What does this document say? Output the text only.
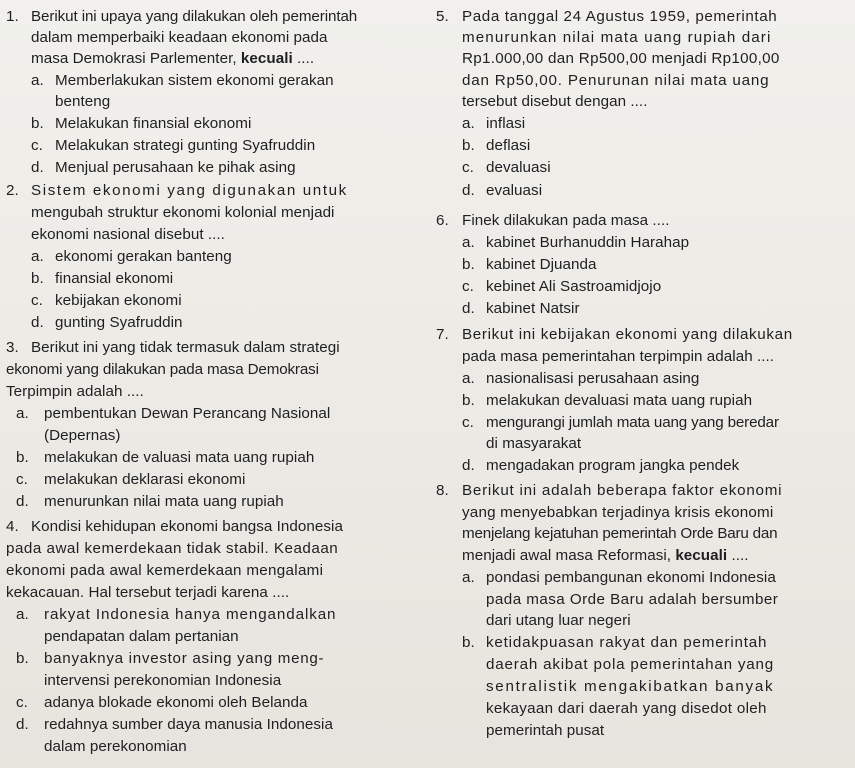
1. Berikut ini upaya yang dilakukan oleh pemerintah
dalam memperbaiki keadaan ekonomi pada
masa Demokrasi Parlementer, kecuali ....
a. Memberlakukan sistem ekonomi gerakan
benteng
b. Melakukan finansial ekonomi
c. Melakukan strategi gunting Syafruddin
d. Menjual perusahaan ke pihak asing
2. Sistem ekonomi yang digunakan untuk
mengubah struktur ekonomi kolonial menjadi
ekonomi nasional disebut ....
a. ekonomi gerakan banteng
b. finansial ekonomi
c. kebijakan ekonomi
d. gunting Syafruddin
3. Berikut ini yang tidak termasuk dalam strategi
ekonomi yang dilakukan pada masa Demokrasi
Terpimpin adalah ....
a. pembentukan Dewan Perancang Nasional
(Depernas)
b. melakukan de valuasi mata uang rupiah
c. melakukan deklarasi ekonomi
d. menurunkan nilai mata uang rupiah
4. Kondisi kehidupan ekonomi bangsa Indonesia
pada awal kemerdekaan tidak stabil. Keadaan
ekonomi pada awal kemerdekaan mengalami
kekacauan. Hal tersebut terjadi karena ....
a. rakyat Indonesia hanya mengandalkan
pendapatan dalam pertanian
b. banyaknya investor asing yang meng-
intervensi perekonomian Indonesia
c. adanya blokade ekonomi oleh Belanda
d. redahnya sumber daya manusia Indonesia
dalam perekonomian
5. Pada tanggal 24 Agustus 1959, pemerintah
menurunkan nilai mata uang rupiah dari
Rp1.000,00 dan Rp500,00 menjadi Rp100,00
dan Rp50,00. Penurunan nilai mata uang
tersebut disebut dengan ....
a. inflasi
b. deflasi
c. devaluasi
d. evaluasi
6. Finek dilakukan pada masa ....
a. kabinet Burhanuddin Harahap
b. kabinet Djuanda
c. kebinet Ali Sastroamidjojo
d. kabinet Natsir
7. Berikut ini kebijakan ekonomi yang dilakukan
pada masa pemerintahan terpimpin adalah ....
a. nasionalisasi perusahaan asing
b. melakukan devaluasi mata uang rupiah
c. mengurangi jumlah mata uang yang beredar
di masyarakat
d. mengadakan program jangka pendek
8. Berikut ini adalah beberapa faktor ekonomi
yang menyebabkan terjadinya krisis ekonomi
menjelang kejatuhan pemerintah Orde Baru dan
menjadi awal masa Reformasi, kecuali ....
a. pondasi pembangunan ekonomi Indonesia
pada masa Orde Baru adalah bersumber
dari utang luar negeri
b. ketidakpuasan rakyat dan pemerintah
daerah akibat pola pemerintahan yang
sentralistik mengakibatkan banyak
kekayaan dari daerah yang disedot oleh
pemerintah pusat
